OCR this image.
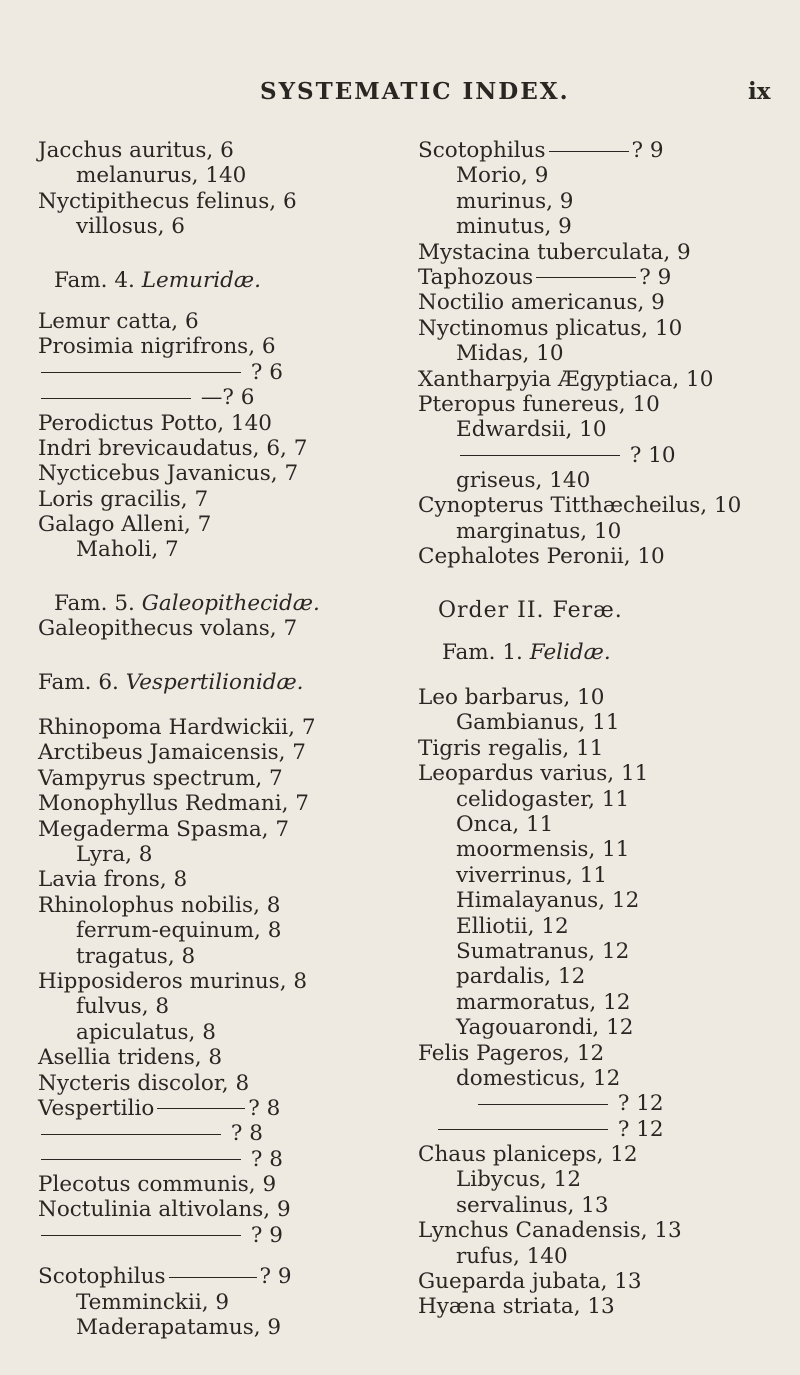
SYSTEMATIC INDEX.	ix
Jacchus auritus, 6
melanurus, 140
Nyctipithecus felinus, 6
villosus, 6
Fam. 4. Lemuridæ.
Lemur catta, 6
Prosimia nigrifrons, 6
? 6
—? 6
Perodictus Potto, 140
Indri brevicaudatus, 6, 7
Nycticebus Javanicus, 7
Loris gracilis, 7
Galago Alleni, 7
Maholi, 7
Fam. 5. Galeopithecidæ.
Galeopithecus volans, 7
Fam. 6. Vespertilionidæ.
Rhinopoma Hardwickii, 7
Arctibeus Jamaicensis, 7
Vampyrus spectrum, 7
Monophyllus Redmani, 7
Megaderma Spasma, 7
Lyra, 8
Lavia frons, 8
Rhinolophus nobilis, 8
ferrum-equinum, 8
tragatus, 8
Hipposideros murinus, 8
fulvus, 8
apiculatus, 8
Asellia tridens, 8
Nycteris discolor, 8
Vespertilio	? 8
? 8
? 8
Plecotus communis, 9
Noctulinia altivolans, 9
? 9
Scotophilus	? 9
Temminckii, 9
Maderapatamus, 9
Scotophilus	? 9
Morio, 9
murinus, 9
minutus, 9
Mystacina tuberculata, 9
Taphozous	? 9
Noctilio americanus, 9
Nyctinomus plicatus, 10
Midas, 10
Xantharpyia Ægyptiaca, 10
Pteropus funereus, 10
Edwardsii, 10
? 10
griseus, 140
Cynopterus Titthæcheilus, 10
marginatus, 10
Cephalotes Peronii, 10
Order II. Feræ.
Fam. 1. Felidæ.
Leo barbarus, 10
Gambianus, 11
Tigris regalis, 11
Leopardus varius, 11
celidogaster, 11
Onca, 11
moormensis, 11
viverrinus, 11
Himalayanus, 12
Elliotii, 12
Sumatranus, 12
pardalis, 12
marmoratus, 12
Yagouarondi, 12
Felis Pageros, 12
domesticus, 12
? 12
? 12
Chaus planiceps, 12
Libycus, 12
servalinus, 13
Lynchus Canadensis, 13
rufus, 140
Gueparda jubata, 13
Hyæna striata, 13
